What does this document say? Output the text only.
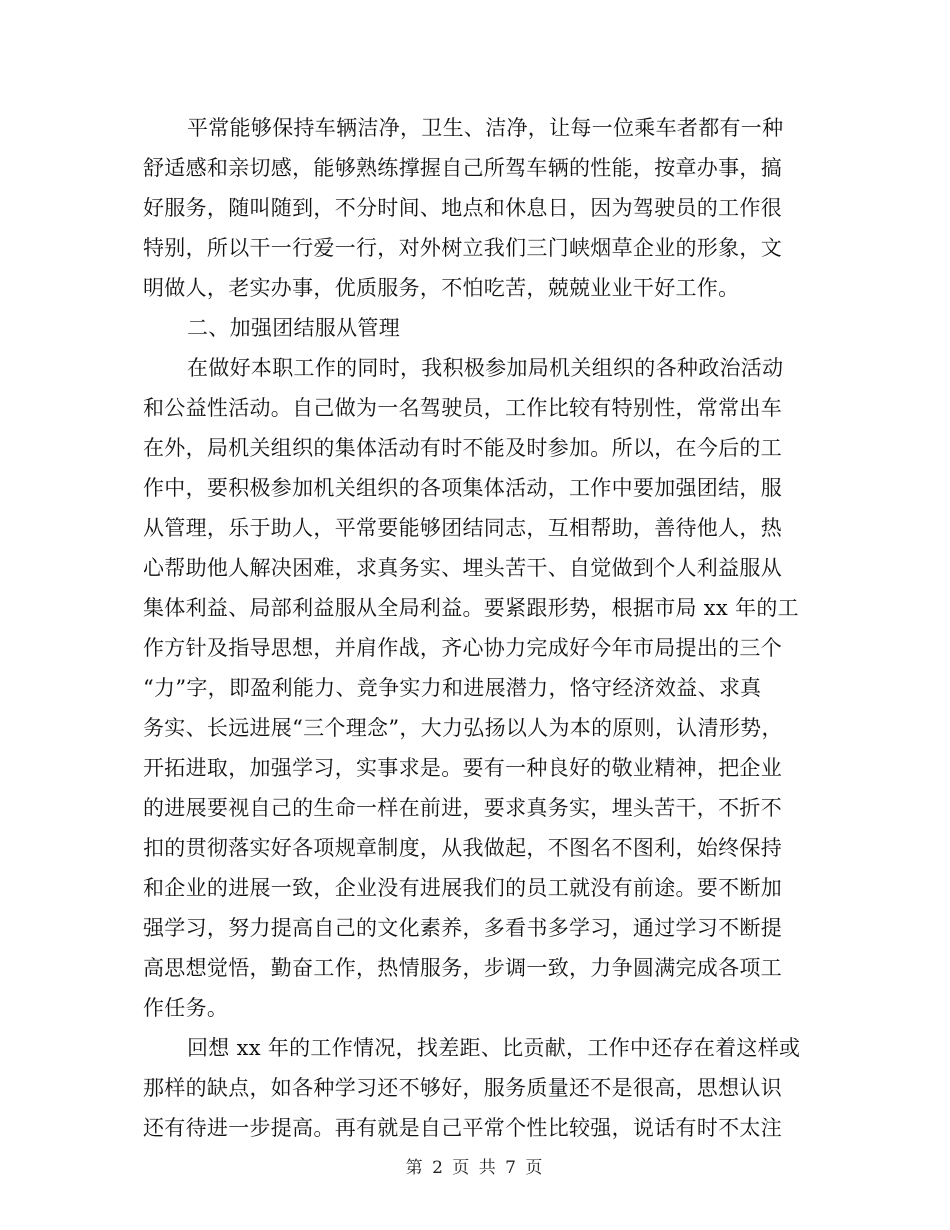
平常能够保持车辆洁净，卫生、洁净，让每一位乘车者都有一种
舒适感和亲切感，能够熟练撑握自己所驾车辆的性能，按章办事，搞
好服务，随叫随到，不分时间、地点和休息日，因为驾驶员的工作很
特别，所以干一行爱一行，对外树立我们三门峡烟草企业的形象，文
明做人，老实办事，优质服务，不怕吃苦，兢兢业业干好工作。
二、加强团结服从管理
在做好本职工作的同时，我积极参加局机关组织的各种政治活动
和公益性活动。自己做为一名驾驶员，工作比较有特别性，常常出车
在外，局机关组织的集体活动有时不能及时参加。所以，在今后的工
作中，要积极参加机关组织的各项集体活动，工作中要加强团结，服
从管理，乐于助人，平常要能够团结同志，互相帮助，善待他人，热
心帮助他人解决困难，求真务实、埋头苦干、自觉做到个人利益服从
集体利益、局部利益服从全局利益。要紧跟形势，根据市局 xx 年的工
作方针及指导思想，并肩作战，齐心协力完成好今年市局提出的三个
“力”字，即盈利能力、竞争实力和进展潜力，恪守经济效益、求真
务实、长远进展“三个理念”，大力弘扬以人为本的原则，认清形势，
开拓进取，加强学习，实事求是。要有一种良好的敬业精神，把企业
的进展要视自己的生命一样在前进，要求真务实，埋头苦干，不折不
扣的贯彻落实好各项规章制度，从我做起，不图名不图利，始终保持
和企业的进展一致，企业没有进展我们的员工就没有前途。要不断加
强学习，努力提高自己的文化素养，多看书多学习，通过学习不断提
高思想觉悟，勤奋工作，热情服务，步调一致，力争圆满完成各项工
作任务。
回想 xx 年的工作情况，找差距、比贡献，工作中还存在着这样或
那样的缺点，如各种学习还不够好，服务质量还不是很高，思想认识
还有待进一步提高。再有就是自己平常个性比较强，说话有时不太注
第 2 页 共 7 页
